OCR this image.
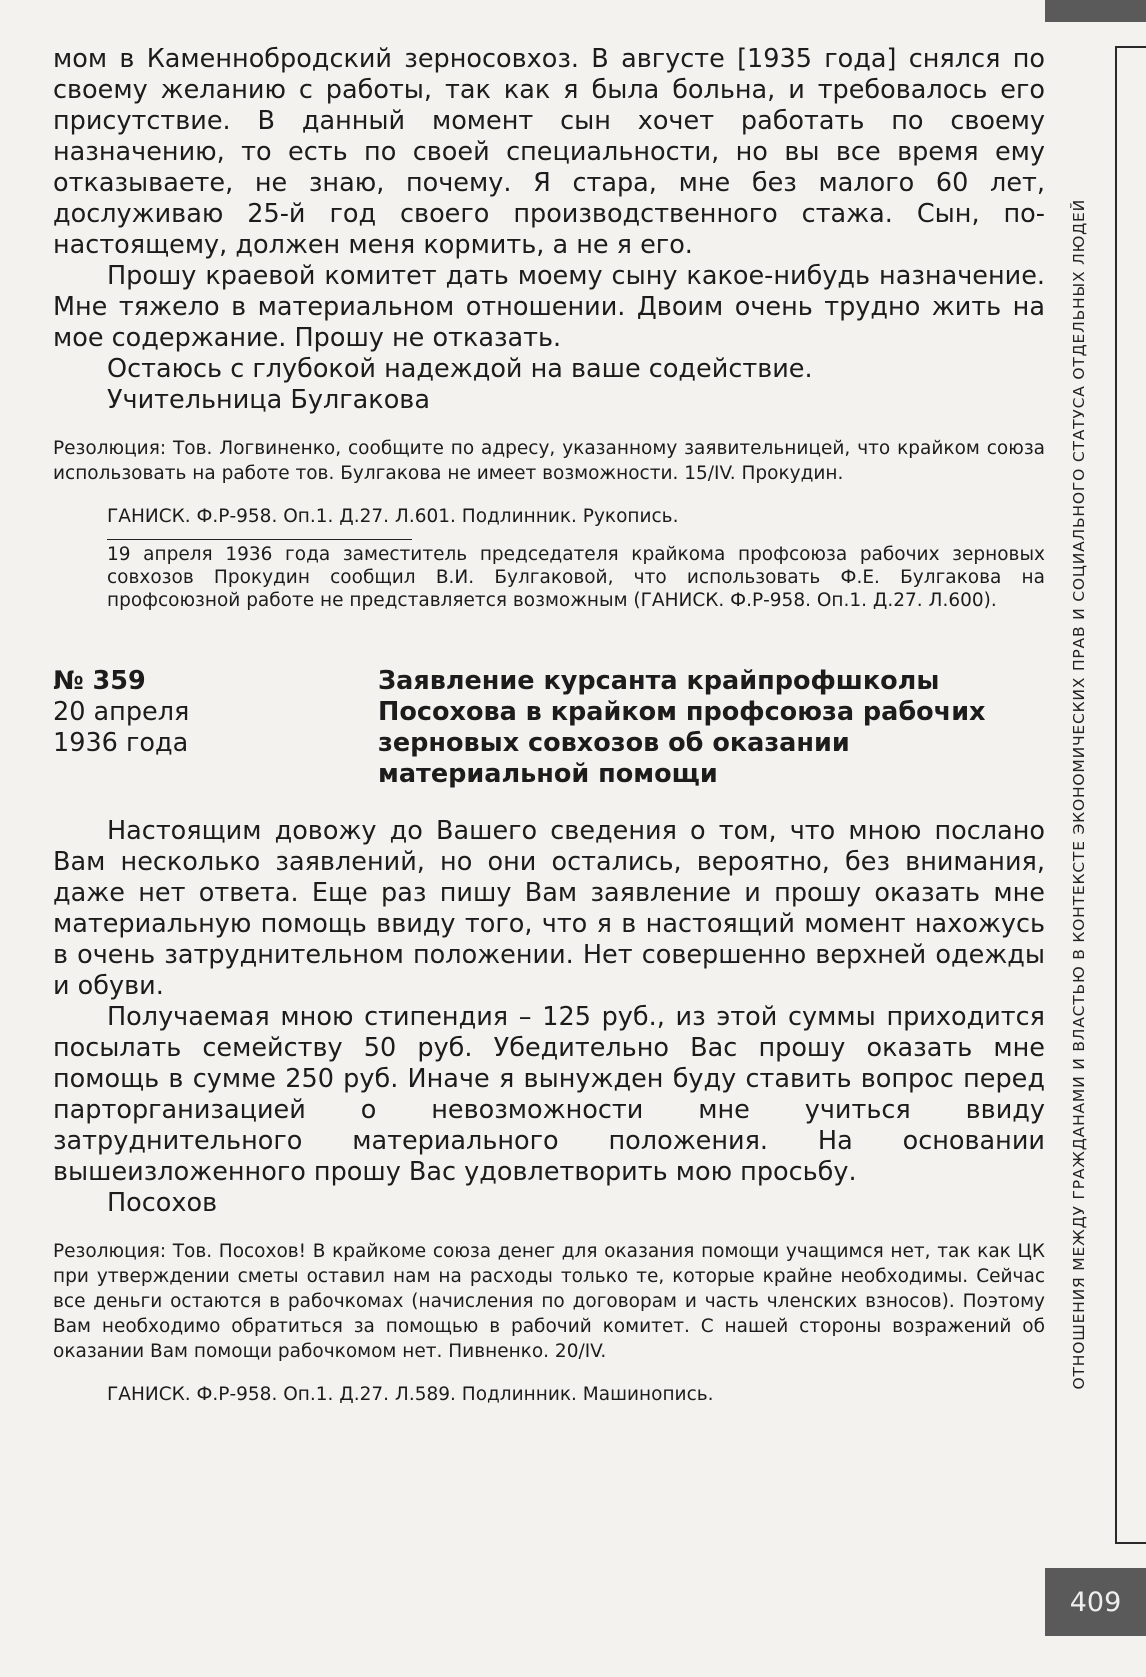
ОТНОШЕНИЯ МЕЖДУ ГРАЖДАНАМИ И ВЛАСТЬЮ В КОНТЕКСТЕ ЭКОНОМИЧЕСКИХ ПРАВ И СОЦИАЛЬНОГО СТАТУСА ОТДЕЛЬНЫХ ЛЮДЕЙ
409

мом в Каменнобродский зерносовхоз. В августе [1935 года] снялся по своему желанию с работы, так как я была больна, и требовалось его присутствие. В данный момент сын хочет работать по своему назначению, то есть по своей специальности, но вы все время ему отказываете, не знаю, почему. Я стара, мне без малого 60 лет, дослуживаю 25-й год своего производственного стажа. Сын, по-настоящему, должен меня кормить, а не я его.

Прошу краевой комитет дать моему сыну какое-нибудь назначение. Мне тяжело в материальном отношении. Двоим очень трудно жить на мое содержание. Прошу не отказать.

Остаюсь с глубокой надеждой на ваше содействие.

Учительница Булгакова

Резолюция: Тов. Логвиненко, сообщите по адресу, указанному заявительницей, что крайком союза использовать на работе тов. Булгакова не имеет возможности. 15/IV. Прокудин.
ГАНИСК. Ф.Р-958. Оп.1. Д.27. Л.601. Подлинник. Рукопись.
19 апреля 1936 года заместитель председателя крайкома профсоюза рабочих зерновых совхозов Прокудин сообщил В.И. Булгаковой, что использовать Ф.Е. Булгакова на профсоюзной работе не представляется возможным (ГАНИСК. Ф.Р-958. Оп.1. Д.27. Л.600).
№ 359
20 апреля
1936 года
Заявление курсанта крайпрофшколы Посохова в крайком профсоюза рабочих зерновых совхозов об оказании материальной помощи

Настоящим довожу до Вашего сведения о том, что мною послано Вам несколько заявлений, но они остались, вероятно, без внимания, даже нет ответа. Еще раз пишу Вам заявление и прошу оказать мне материальную помощь ввиду того, что я в настоящий момент нахожусь в очень затруднительном положении. Нет совершенно верхней одежды и обуви.

Получаемая мною стипендия – 125 руб., из этой суммы приходится посылать семейству 50 руб. Убедительно Вас прошу оказать мне помощь в сумме 250 руб. Иначе я вынужден буду ставить вопрос перед парторганизацией о невозможности мне учиться ввиду затруднительного материального положения. На основании вышеизложенного прошу Вас удовлетворить мою просьбу.

Посохов

Резолюция: Тов. Посохов! В крайкоме союза денег для оказания помощи учащимся нет, так как ЦК при утверждении сметы оставил нам на расходы только те, которые крайне необходимы. Сейчас все деньги остаются в рабочкомах (начисления по договорам и часть членских взносов). Поэтому Вам необходимо обратиться за помощью в рабочий комитет. С нашей стороны возражений об оказании Вам помощи рабочкомом нет. Пивненко. 20/IV.
ГАНИСК. Ф.Р-958. Оп.1. Д.27. Л.589. Подлинник. Машинопись.
